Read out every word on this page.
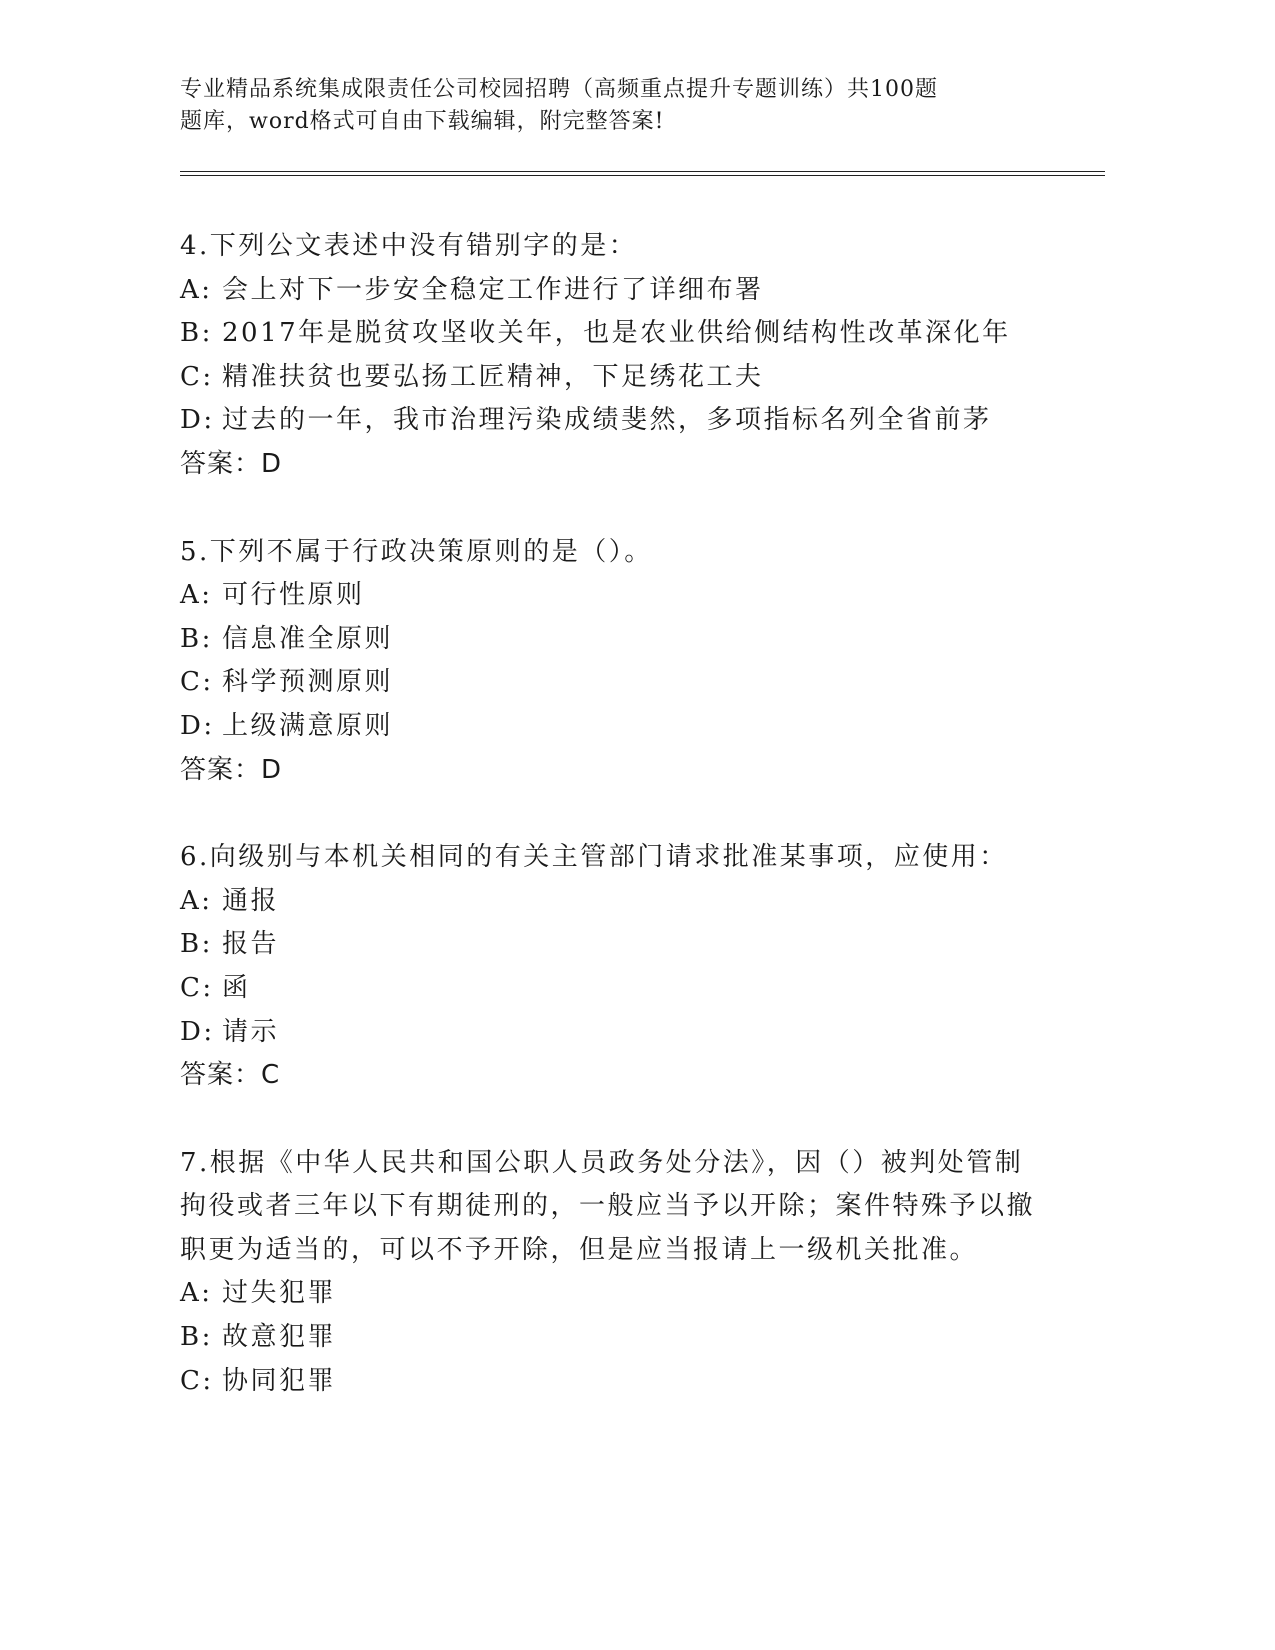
专业精品系统集成限责任公司校园招聘（高频重点提升专题训练）共100题
题库，word格式可自由下载编辑，附完整答案!
4.下列公文表述中没有错别字的是：
A: 会上对下一步安全稳定工作进行了详细布署
B: 2017年是脱贫攻坚收关年，也是农业供给侧结构性改革深化年
C: 精准扶贫也要弘扬工匠精神，下足绣花工夫
D: 过去的一年，我市治理污染成绩斐然，多项指标名列全省前茅
答案：D
5.下列不属于行政决策原则的是（）。
A: 可行性原则
B: 信息准全原则
C: 科学预测原则
D: 上级满意原则
答案：D
6.向级别与本机关相同的有关主管部门请求批准某事项，应使用：
A: 通报
B: 报告
C: 函
D: 请示
答案：C
7.根据《中华人民共和国公职人员政务处分法》，因（）被判处管制
拘役或者三年以下有期徒刑的，一般应当予以开除；案件特殊予以撤
职更为适当的，可以不予开除，但是应当报请上一级机关批准。
A: 过失犯罪
B: 故意犯罪
C: 协同犯罪
